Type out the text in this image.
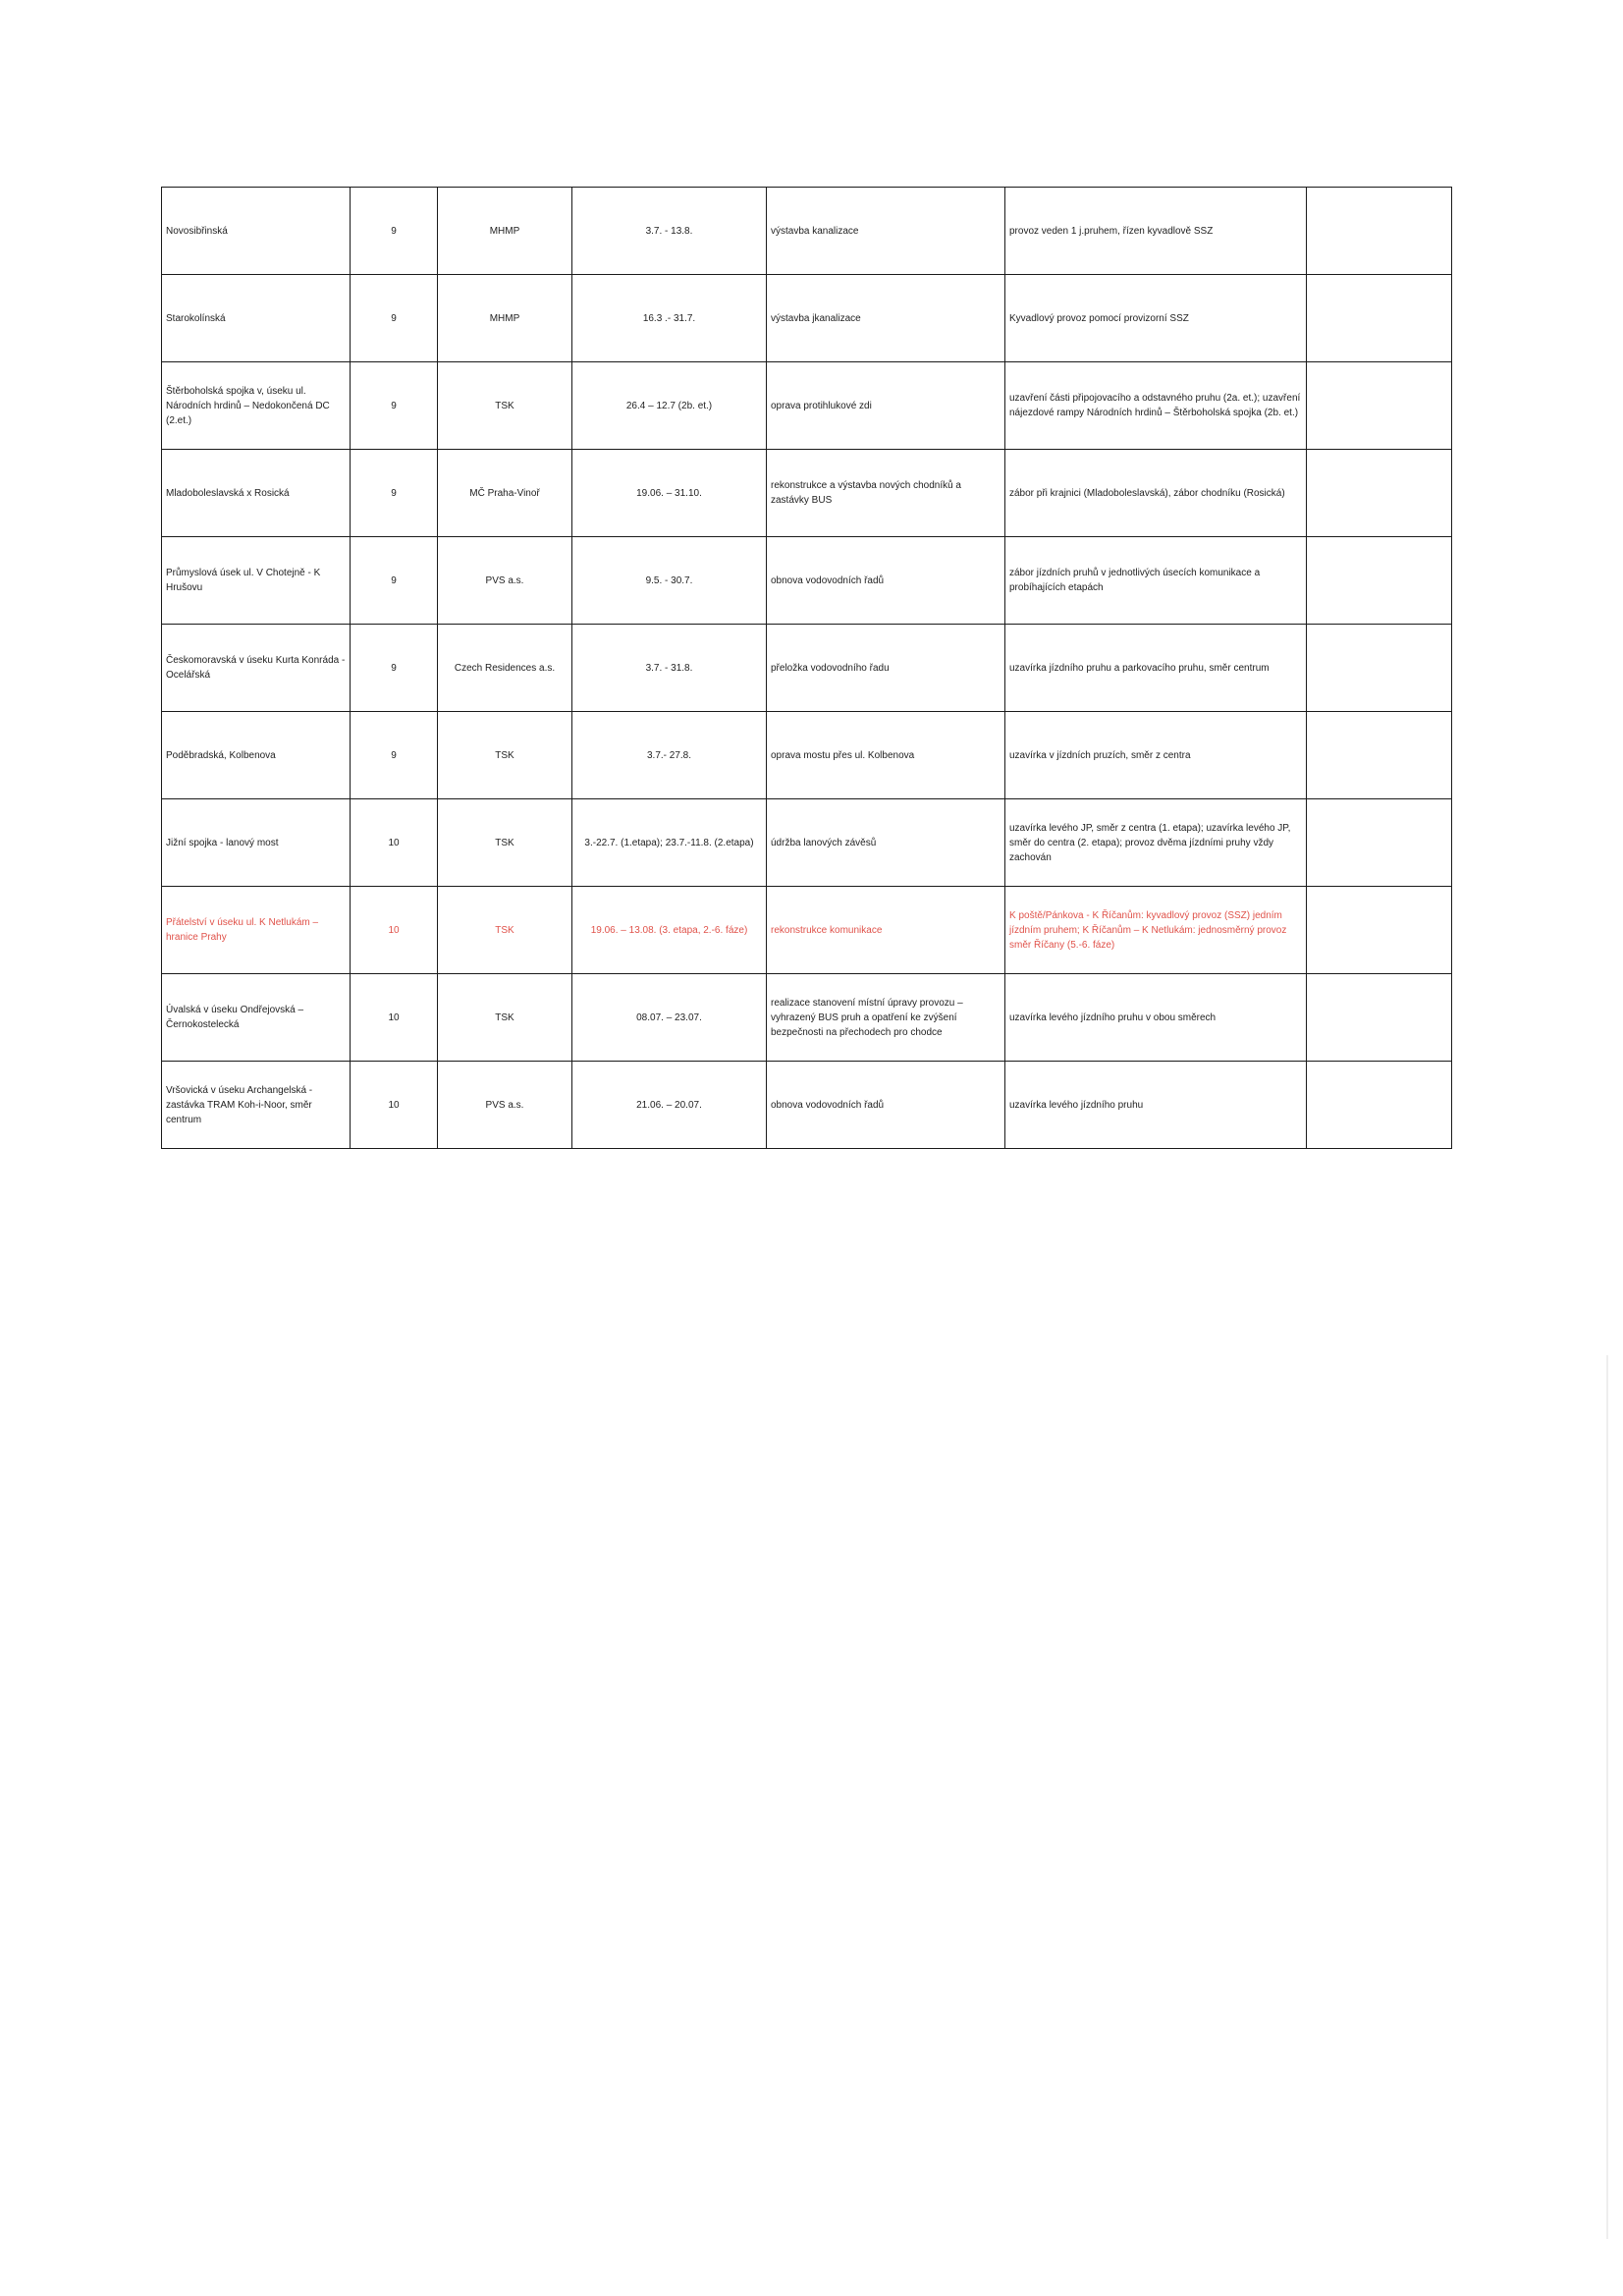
Novosibřinská	9	MHMP	3.7. - 13.8.	výstavba kanalizace	provoz veden 1 j.pruhem, řízen kyvadlově SSZ	
Starokolínská	9	MHMP	16.3 .- 31.7.	výstavba jkanalizace	Kyvadlový provoz pomocí provizorní SSZ	
Štěrboholská spojka v, úseku ul. Národních hrdinů – Nedokončená DC (2.et.)	9	TSK	26.4 – 12.7 (2b. et.)	oprava protihlukové zdi	uzavření části připojovacího a odstavného pruhu (2a. et.); uzavření nájezdové rampy Národních hrdinů – Štěrboholská spojka (2b. et.)	
Mladoboleslavská x Rosická	9	MČ Praha-Vinoř	19.06. – 31.10.	rekonstrukce a výstavba nových chodníků a zastávky BUS	zábor při krajnici (Mladoboleslavská), zábor chodníku (Rosická)	
Průmyslová úsek ul. V Chotejně - K Hrušovu	9	PVS a.s.	9.5. - 30.7.	obnova vodovodních řadů	zábor jízdních pruhů v jednotlivých úsecích komunikace a probíhajících etapách	
Českomoravská v úseku Kurta Konráda - Ocelářská	9	Czech Residences a.s.	3.7. - 31.8.	přeložka vodovodního řadu	uzavírka jízdního pruhu a parkovacího pruhu, směr centrum	
Poděbradská, Kolbenova	9	TSK	3.7.- 27.8.	oprava mostu přes ul. Kolbenova	uzavírka v jízdních pruzích, směr z centra	
Jižní spojka - lanový most	10	TSK	3.-22.7. (1.etapa); 23.7.-11.8. (2.etapa)	údržba lanových závěsů	uzavírka levého JP, směr z centra (1. etapa); uzavírka levého JP, směr do centra (2. etapa); provoz dvěma jízdními pruhy vždy zachován	
Přátelství v úseku ul. K Netlukám – hranice Prahy	10	TSK	19.06. – 13.08. (3. etapa, 2.-6. fáze)	rekonstrukce komunikace	K poště/Pánkova - K Říčanům: kyvadlový provoz (SSZ) jedním jízdním pruhem; K Říčanům – K Netlukám: jednosměrný provoz směr Říčany (5.-6. fáze)	
Úvalská v úseku Ondřejovská – Černokostelecká	10	TSK	08.07. – 23.07.	realizace stanovení místní úpravy provozu – vyhrazený BUS pruh a opatření ke zvýšení bezpečnosti na přechodech pro chodce	uzavírka levého jízdního pruhu v obou směrech	
Vršovická v úseku Archangelská - zastávka TRAM Koh-i-Noor, směr centrum	10	PVS a.s.	21.06. – 20.07.	obnova vodovodních řadů	uzavírka levého jízdního pruhu	
